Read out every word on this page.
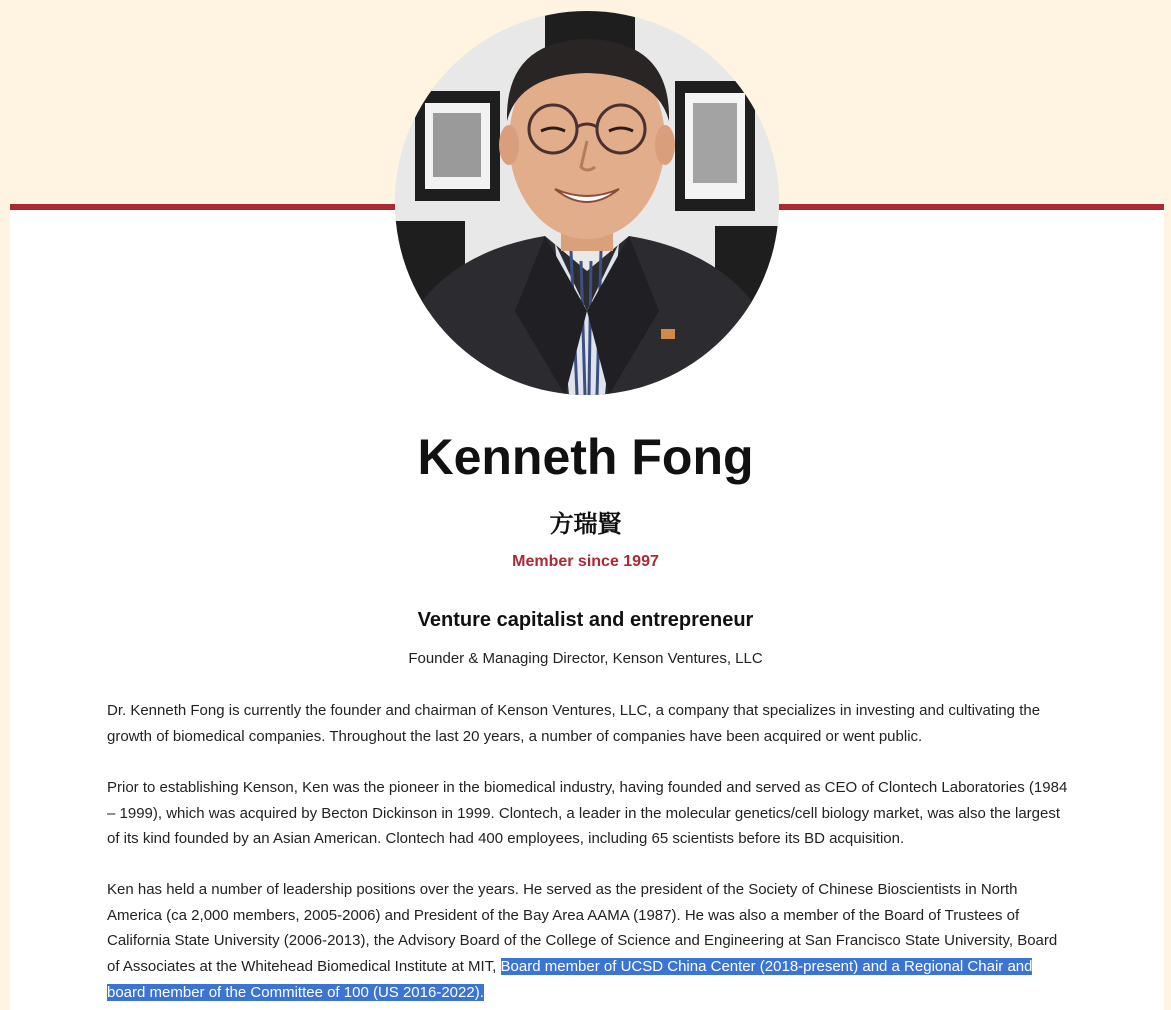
Kenneth Fong
方瑞賢
Member since 1997
Venture capitalist and entrepreneur
Founder & Managing Director, Kenson Ventures, LLC

Dr. Kenneth Fong is currently the founder and chairman of Kenson Ventures, LLC, a company that specializes in investing and cultivating the growth of biomedical companies. Throughout the last 20 years, a number of companies have been acquired or went public.

Prior to establishing Kenson, Ken was the pioneer in the biomedical industry, having founded and served as CEO of Clontech Laboratories (1984 – 1999), which was acquired by Becton Dickinson in 1999. Clontech, a leader in the molecular genetics/cell biology market, was also the largest of its kind founded by an Asian American. Clontech had 400 employees, including 65 scientists before its BD acquisition.

Ken has held a number of leadership positions over the years. He served as the president of the Society of Chinese Bioscientists in North America (ca 2,000 members, 2005-2006) and President of the Bay Area AAMA (1987). He was also a member of the Board of Trustees of California State University (2006-2013), the Advisory Board of the College of Science and Engineering at San Francisco State University, Board of Associates at the Whitehead Biomedical Institute at MIT, Board member of UCSD China Center (2018-present) and a Regional Chair and board member of the Committee of 100 (US 2016-2022).
